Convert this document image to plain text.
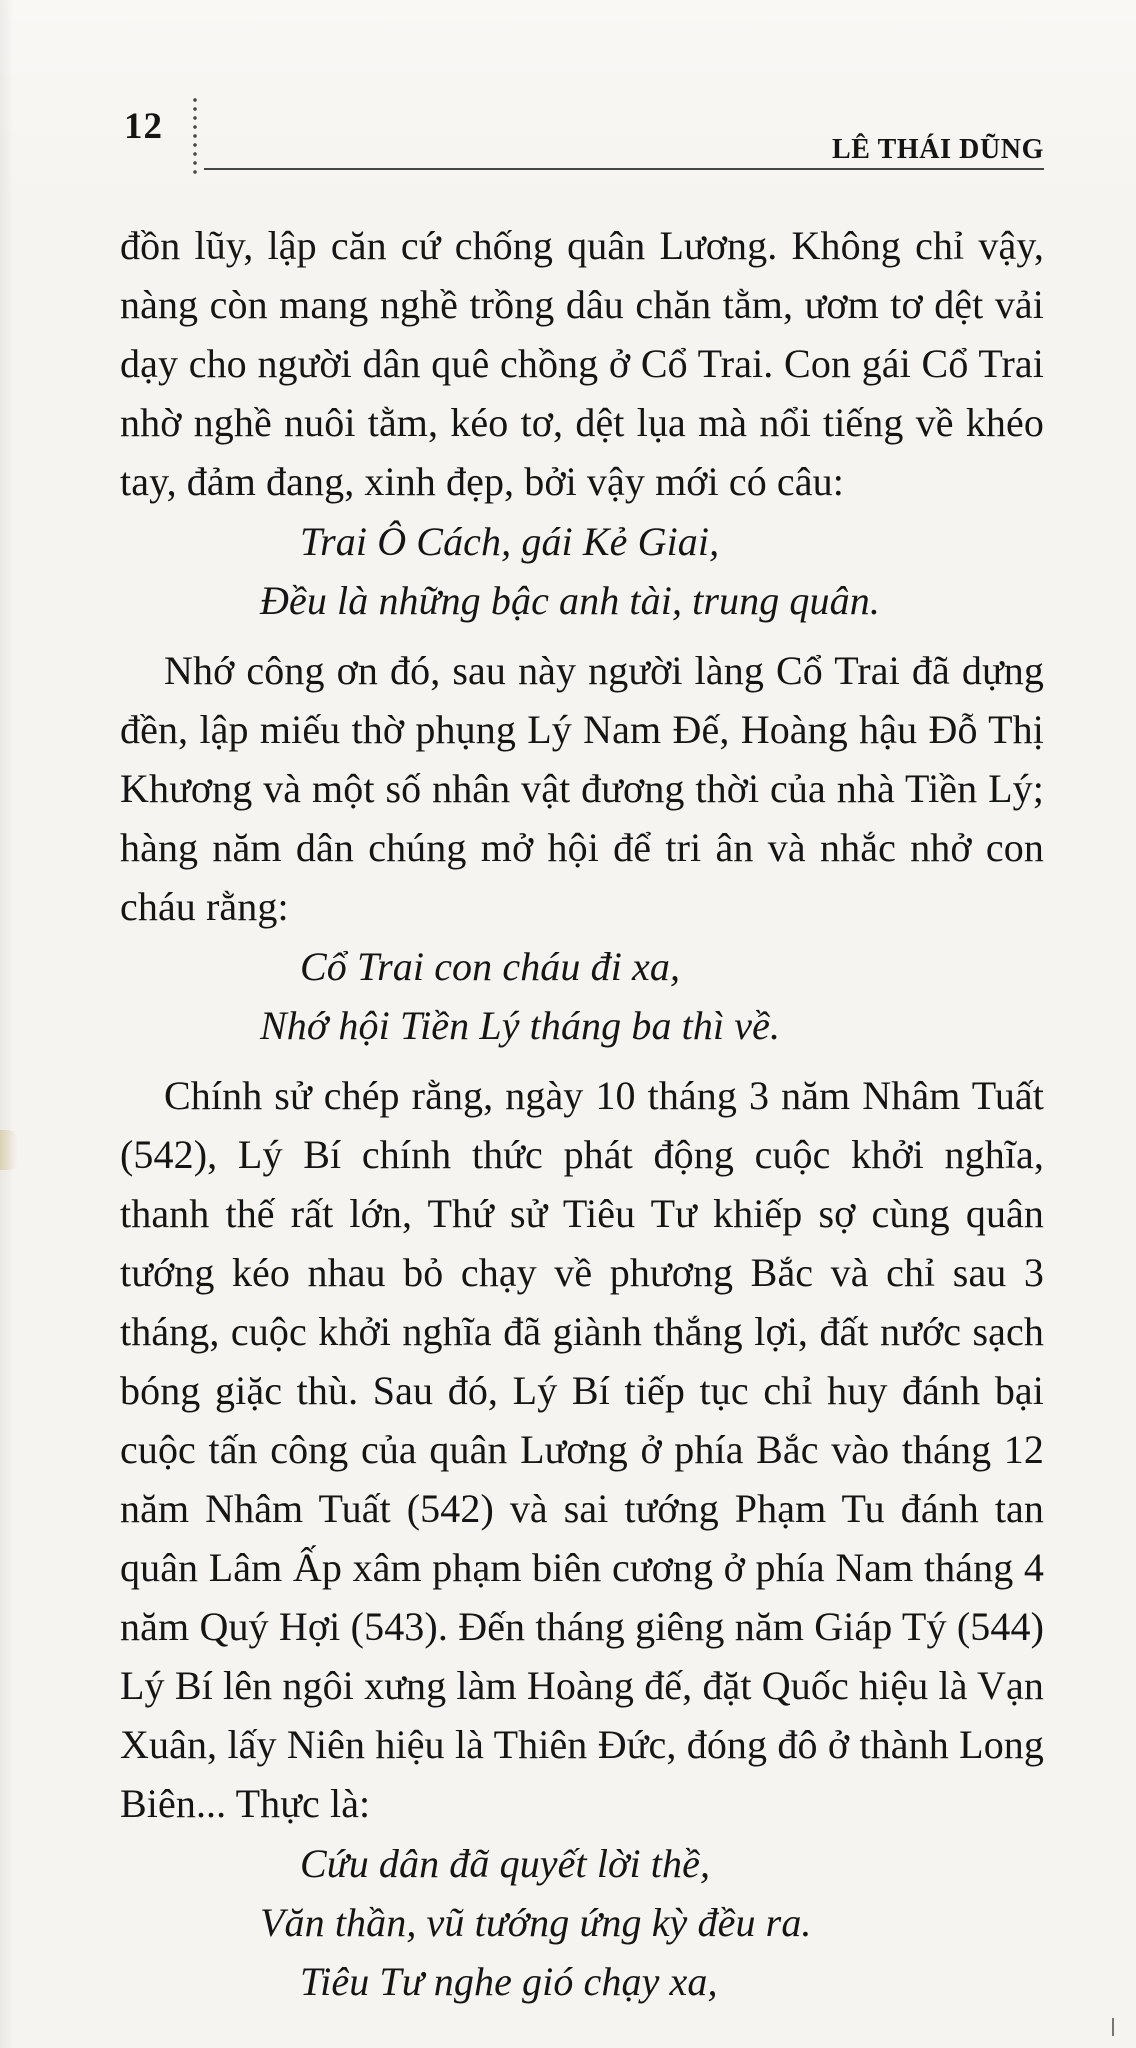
12
LÊ THÁI DŨNG

đồn lũy, lập căn cứ chống quân Lương. Không chỉ vậy, nàng còn mang nghề trồng dâu chăn tằm, ươm tơ dệt vải dạy cho người dân quê chồng ở Cổ Trai. Con gái Cổ Trai nhờ nghề nuôi tằm, kéo tơ, dệt lụa mà nổi tiếng về khéo tay, đảm đang, xinh đẹp, bởi vậy mới có câu:

Trai Ô Cách, gái Kẻ Giai,

Đều là những bậc anh tài, trung quân.

Nhớ công ơn đó, sau này người làng Cổ Trai đã dựng đền, lập miếu thờ phụng Lý Nam Đế, Hoàng hậu Đỗ Thị Khương và một số nhân vật đương thời của nhà Tiền Lý; hàng năm dân chúng mở hội để tri ân và nhắc nhở con cháu rằng:

Cổ Trai con cháu đi xa,

Nhớ hội Tiền Lý tháng ba thì về.

Chính sử chép rằng, ngày 10 tháng 3 năm Nhâm Tuất (542), Lý Bí chính thức phát động cuộc khởi nghĩa, thanh thế rất lớn, Thứ sử Tiêu Tư khiếp sợ cùng quân tướng kéo nhau bỏ chạy về phương Bắc và chỉ sau 3 tháng, cuộc khởi nghĩa đã giành thắng lợi, đất nước sạch bóng giặc thù. Sau đó, Lý Bí tiếp tục chỉ huy đánh bại cuộc tấn công của quân Lương ở phía Bắc vào tháng 12 năm Nhâm Tuất (542) và sai tướng Phạm Tu đánh tan quân Lâm Ấp xâm phạm biên cương ở phía Nam tháng 4 năm Quý Hợi (543). Đến tháng giêng năm Giáp Tý (544) Lý Bí lên ngôi xưng làm Hoàng đế, đặt Quốc hiệu là Vạn Xuân, lấy Niên hiệu là Thiên Đức, đóng đô ở thành Long Biên... Thực là:

Cứu dân đã quyết lời thề,

Văn thần, vũ tướng ứng kỳ đều ra.

Tiêu Tư nghe gió chạy xa,
